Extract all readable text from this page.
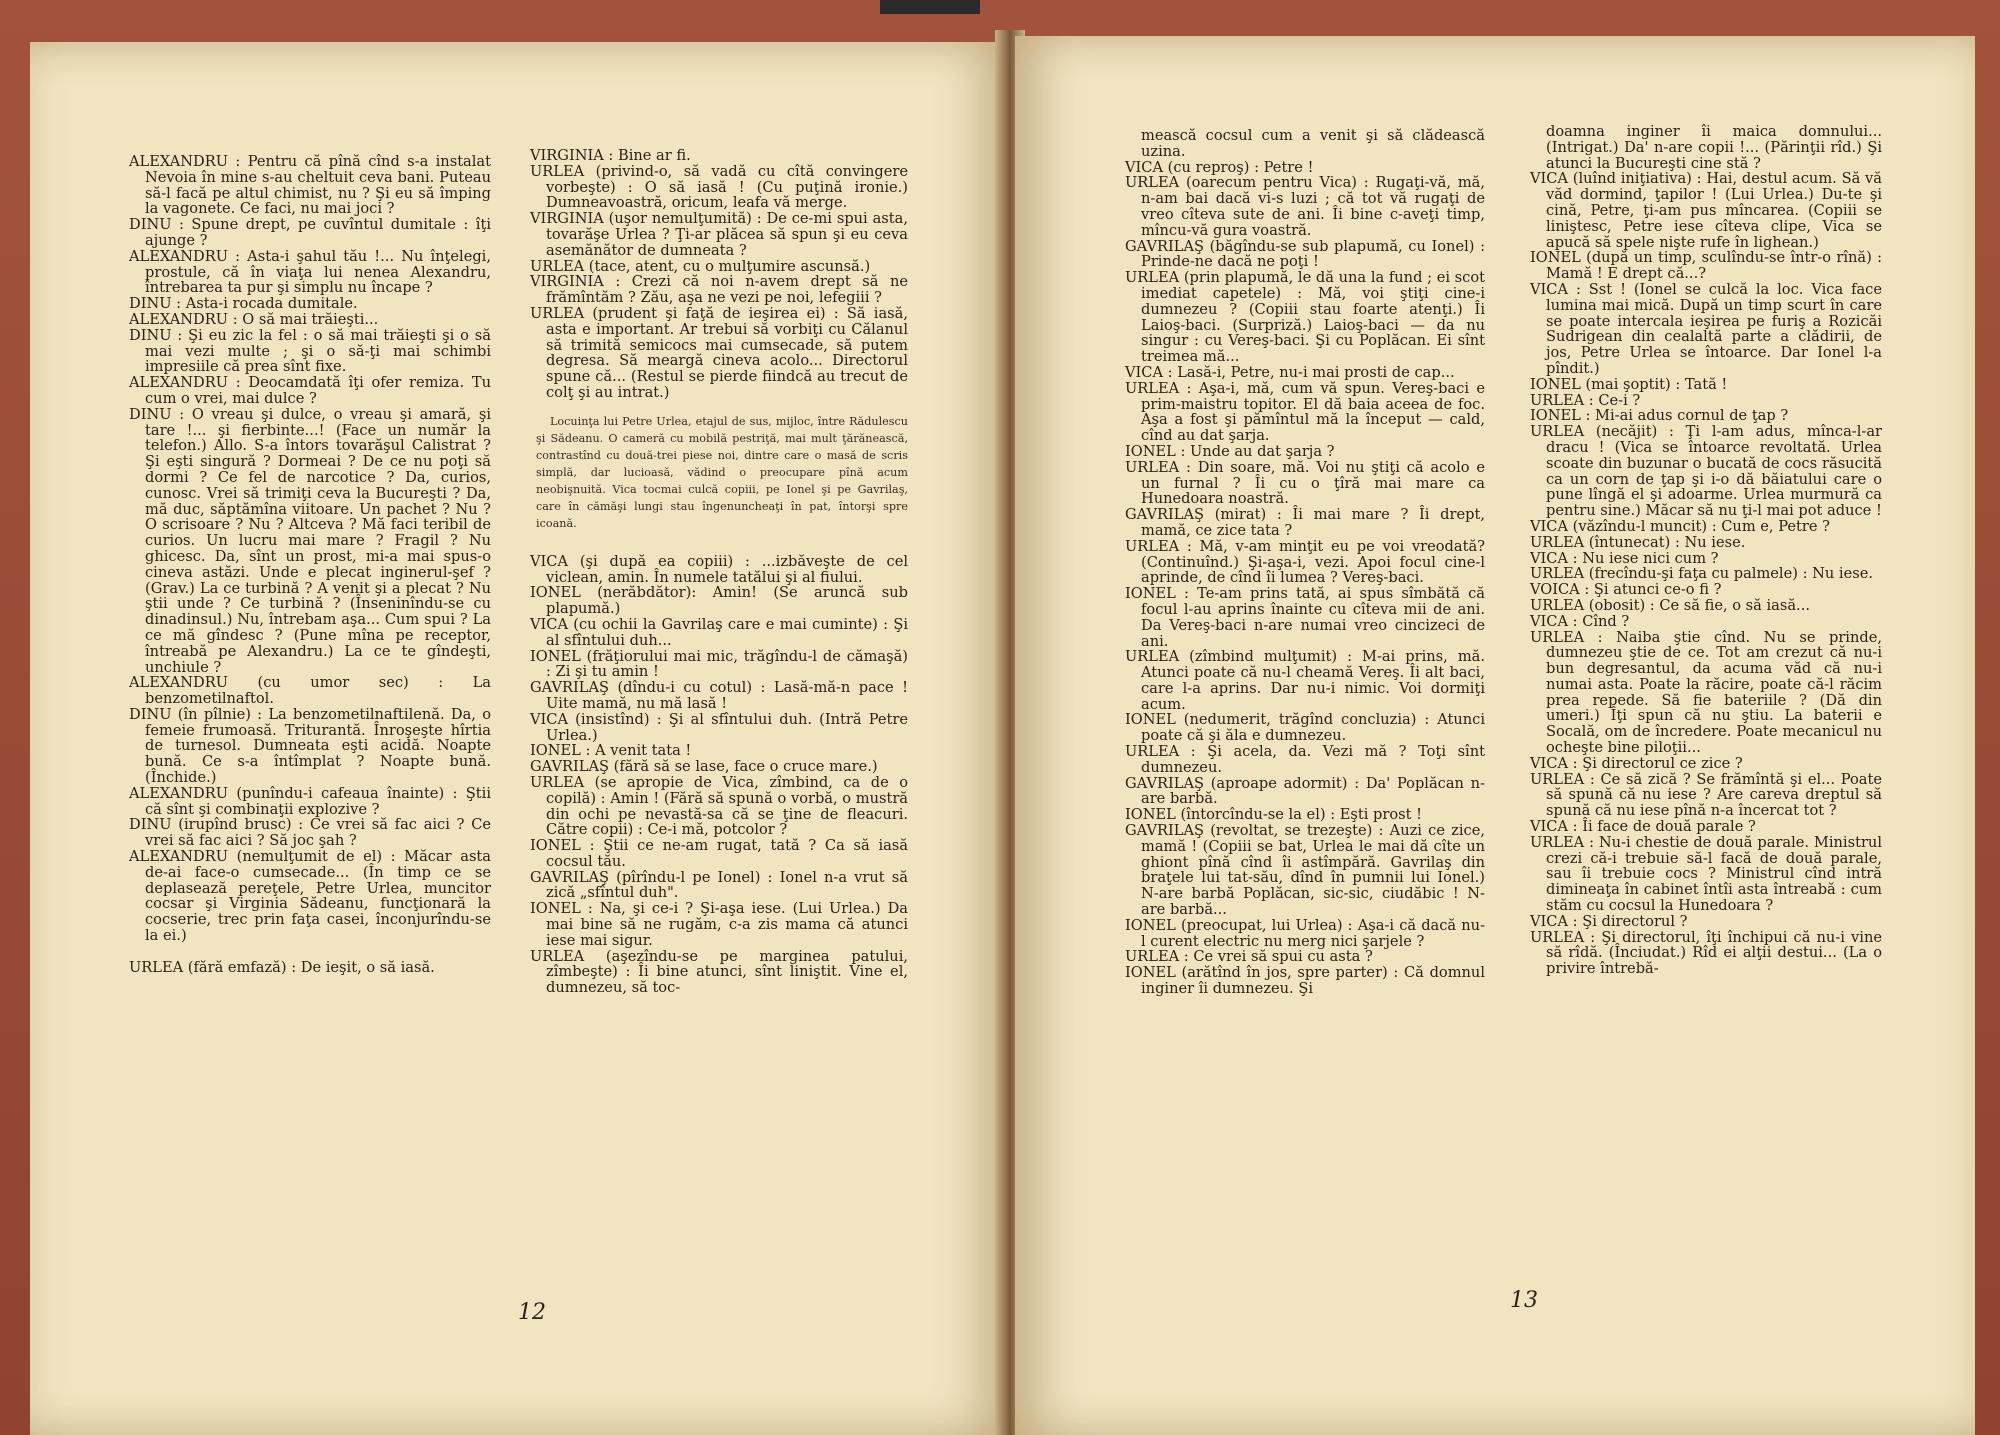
ALEXANDRU : Pentru că pînă cînd s-a instalat Nevoia în mine s-au cheltuit ceva bani. Puteau să-l facă pe altul chimist, nu ? Şi eu să împing la vagonete. Ce faci, nu mai joci ?

DINU : Spune drept, pe cuvîntul dumitale : îţi ajunge ?

ALEXANDRU : Asta-i şahul tău !... Nu înţelegi, prostule, că în viaţa lui nenea Alexandru, întrebarea ta pur şi simplu nu încape ?

DINU : Asta-i rocada dumitale.

ALEXANDRU : O să mai trăieşti...

DINU : Şi eu zic la fel : o să mai trăieşti şi o să mai vezi multe ; şi o să-ţi mai schimbi impresiile că prea sînt fixe.

ALEXANDRU : Deocamdată îţi ofer remiza. Tu cum o vrei, mai dulce ?

DINU : O vreau şi dulce, o vreau şi amară, şi tare !... şi fierbinte...! (Face un număr la telefon.) Allo. S-a întors tovarăşul Calistrat ? Şi eşti singură ? Dormeai ? De ce nu poţi să dormi ? Ce fel de narcotice ? Da, curios, cunosc. Vrei să trimiţi ceva la Bucureşti ? Da, mă duc, săptămîna viitoare. Un pachet ? Nu ? O scrisoare ? Nu ? Altceva ? Mă faci teribil de curios. Un lucru mai mare ? Fragil ? Nu ghicesc. Da, sînt un prost, mi-a mai spus-o cineva astăzi. Unde e plecat inginerul-şef ? (Grav.) La ce turbină ? A venit şi a plecat ? Nu ştii unde ? Ce turbină ? (Înseninîndu-se cu dinadinsul.) Nu, întrebam aşa... Cum spui ? La ce mă gîndesc ? (Pune mîna pe receptor, întreabă pe Alexandru.) La ce te gîndeşti, unchiule ?

ALEXANDRU (cu umor sec) : La benzometilnaftol.

DINU (în pîlnie) : La benzometilnaftilenă. Da, o femeie frumoasă. Triturantă. Înroşeşte hîrtia de turnesol. Dumneata eşti acidă. Noapte bună. Ce s-a întîmplat ? Noapte bună. (Închide.)

ALEXANDRU (punîndu-i cafeaua înainte) : Ştii că sînt şi combinaţii explozive ?

DINU (irupînd brusc) : Ce vrei să fac aici ? Ce vrei să fac aici ? Să joc şah ?

ALEXANDRU (nemulţumit de el) : Măcar asta de-ai face-o cumsecade... (În timp ce se deplasează pereţele, Petre Urlea, muncitor cocsar şi Virginia Sădeanu, funcţionară la cocserie, trec prin faţa casei, înconjurîndu-se la ei.)

URLEA (fără emfază) : De ieşit, o să iasă.

VIRGINIA : Bine ar fi.

URLEA (privind-o, să vadă cu cîtă convingere vorbeşte) : O să iasă ! (Cu puţină ironie.) Dumneavoastră, oricum, leafa vă merge.

VIRGINIA (uşor nemulţumită) : De ce-mi spui asta, tovarăşe Urlea ? Ţi-ar plăcea să spun şi eu ceva asemănător de dumneata ?

URLEA (tace, atent, cu o mulţumire ascunsă.)

VIRGINIA : Crezi că noi n-avem drept să ne frămîntăm ? Zău, aşa ne vezi pe noi, lefegiii ?

URLEA (prudent şi faţă de ieşirea ei) : Să iasă, asta e important. Ar trebui să vorbiţi cu Călanul să trimită semicocs mai cumsecade, să putem degresa. Să meargă cineva acolo... Directorul spune că... (Restul se pierde fiindcă au trecut de colţ şi au intrat.)

Locuinţa lui Petre Urlea, etajul de sus, mijloc, între Rădulescu şi Sădeanu. O cameră cu mobilă pestriţă, mai mult ţărănească, contrastînd cu două-trei piese noi, dintre care o masă de scris simplă, dar lucioasă, vădind o preocupare pînă acum neobişnuită. Vica tocmai culcă copiii, pe Ionel şi pe Gavrilaş, care în cămăşi lungi stau îngenuncheaţi în pat, întorşi spre icoană.

VICA (şi după ea copiii) : ...izbăveşte de cel viclean, amin. În numele tatălui şi al fiului.

IONEL (nerăbdător): Amin! (Se aruncă sub plapumă.)

VICA (cu ochii la Gavrilaş care e mai cuminte) : Şi al sfîntului duh...

IONEL (frăţiorului mai mic, trăgîndu-l de cămaşă) : Zi şi tu amin !

GAVRILAŞ (dîndu-i cu cotul) : Lasă-mă-n pace ! Uite mamă, nu mă lasă !

VICA (insistînd) : Şi al sfîntului duh. (Intră Petre Urlea.)

IONEL : A venit tata !

GAVRILAŞ (fără să se lase, face o cruce mare.)

URLEA (se apropie de Vica, zîmbind, ca de o copilă) : Amin ! (Fără să spună o vorbă, o mustră din ochi pe nevastă-sa că se ţine de fleacuri. Către copii) : Ce-i mă, potcolor ?

IONEL : Ştii ce ne-am rugat, tată ? Ca să iasă cocsul tău.

GAVRILAŞ (pîrîndu-l pe Ionel) : Ionel n-a vrut să zică „sfîntul duh".

IONEL : Na, şi ce-i ? Şi-aşa iese. (Lui Urlea.) Da mai bine să ne rugăm, c-a zis mama că atunci iese mai sigur.

URLEA (aşezîndu-se pe marginea patului, zîmbeşte) : Îi bine atunci, sînt liniştit. Vine el, dumnezeu, să toc-

12

mească cocsul cum a venit şi să clădească uzina.

VICA (cu reproş) : Petre !

URLEA (oarecum pentru Vica) : Rugaţi-vă, mă, n-am bai dacă vi-s luzi ; că tot vă rugaţi de vreo cîteva sute de ani. Îi bine c-aveţi timp, mîncu-vă gura voastră.

GAVRILAŞ (băgîndu-se sub plapumă, cu Ionel) : Prinde-ne dacă ne poţi !

URLEA (prin plapumă, le dă una la fund ; ei scot imediat capetele) : Mă, voi ştiţi cine-i dumnezeu ? (Copiii stau foarte atenţi.) Îi Laioş-baci. (Surpriză.) Laioş-baci — da nu singur : cu Vereş-baci. Şi cu Poplăcan. Ei sînt treimea mă...

VICA : Lasă-i, Petre, nu-i mai prosti de cap...

URLEA : Aşa-i, mă, cum vă spun. Vereş-baci e prim-maistru topitor. El dă baia aceea de foc. Aşa a fost şi pămîntul mă la început — cald, cînd au dat şarja.

IONEL : Unde au dat şarja ?

URLEA : Din soare, mă. Voi nu ştiţi că acolo e un furnal ? Îi cu o ţîră mai mare ca Hunedoara noastră.

GAVRILAŞ (mirat) : Îi mai mare ? Îi drept, mamă, ce zice tata ?

URLEA : Mă, v-am minţit eu pe voi vreodată? (Continuînd.) Şi-aşa-i, vezi. Apoi focul cine-l aprinde, de cînd îi lumea ? Vereş-baci.

IONEL : Te-am prins tată, ai spus sîmbătă că focul l-au aprins înainte cu cîteva mii de ani. Da Vereş-baci n-are numai vreo cincizeci de ani.

URLEA (zîmbind mulţumit) : M-ai prins, mă. Atunci poate că nu-l cheamă Vereş. Îi alt baci, care l-a aprins. Dar nu-i nimic. Voi dormiţi acum.

IONEL (nedumerit, trăgînd concluzia) : Atunci poate că şi ăla e dumnezeu.

URLEA : Şi acela, da. Vezi mă ? Toţi sînt dumnezeu.

GAVRILAŞ (aproape adormit) : Da' Poplăcan n-are barbă.

IONEL (întorcîndu-se la el) : Eşti prost !

GAVRILAŞ (revoltat, se trezeşte) : Auzi ce zice, mamă ! (Copiii se bat, Urlea le mai dă cîte un ghiont pînă cînd îi astîmpără. Gavrilaş din braţele lui tat-său, dînd în pumnii lui Ionel.) N-are barbă Poplăcan, sic-sic, ciudăbic ! N-are barbă...

IONEL (preocupat, lui Urlea) : Aşa-i că dacă nu-l curent electric nu merg nici şarjele ?

URLEA : Ce vrei să spui cu asta ?

IONEL (arătînd în jos, spre parter) : Că domnul inginer îi dumnezeu. Şi

doamna inginer îi maica domnului... (Intrigat.) Da' n-are copii !... (Părinţii rîd.) Şi atunci la Bucureşti cine stă ?

VICA (luînd iniţiativa) : Hai, destul acum. Să vă văd dormind, ţapilor ! (Lui Urlea.) Du-te şi cină, Petre, ţi-am pus mîncarea. (Copiii se liniştesc, Petre iese cîteva clipe, Vica se apucă să spele nişte rufe în lighean.)

IONEL (după un timp, sculîndu-se într-o rînă) : Mamă ! E drept că...?

VICA : Sst ! (Ionel se culcă la loc. Vica face lumina mai mică. După un timp scurt în care se poate intercala ieşirea pe furiş a Rozicăi Sudrigean din cealaltă parte a clădirii, de jos, Petre Urlea se întoarce. Dar Ionel l-a pîndit.)

IONEL (mai şoptit) : Tată !

URLEA : Ce-i ?

IONEL : Mi-ai adus cornul de ţap ?

URLEA (necăjit) : Ţi l-am adus, mînca-l-ar dracu ! (Vica se întoarce revoltată. Urlea scoate din buzunar o bucată de cocs răsucită ca un corn de ţap şi i-o dă băiatului care o pune lîngă el şi adoarme. Urlea murmură ca pentru sine.) Măcar să nu ţi-l mai pot aduce !

VICA (văzîndu-l muncit) : Cum e, Petre ?

URLEA (întunecat) : Nu iese.

VICA : Nu iese nici cum ?

URLEA (frecîndu-şi faţa cu palmele) : Nu iese.

VOICA : Şi atunci ce-o fi ?

URLEA (obosit) : Ce să fie, o să iasă...

VICA : Cînd ?

URLEA : Naiba ştie cînd. Nu se prinde, dumnezeu ştie de ce. Tot am crezut că nu-i bun degresantul, da acuma văd că nu-i numai asta. Poate la răcire, poate că-l răcim prea repede. Să fie bateriile ? (Dă din umeri.) Îţi spun că nu ştiu. La baterii e Socală, om de încredere. Poate mecanicul nu ocheşte bine piloţii...

VICA : Şi directorul ce zice ?

URLEA : Ce să zică ? Se frămîntă şi el... Poate să spună că nu iese ? Are careva dreptul să spună că nu iese pînă n-a încercat tot ?

VICA : Îi face de două parale ?

URLEA : Nu-i chestie de două parale. Ministrul crezi că-i trebuie să-l facă de două parale, sau îi trebuie cocs ? Ministrul cînd intră dimineaţa în cabinet întîi asta întreabă : cum stăm cu cocsul la Hunedoara ?

VICA : Şi directorul ?

URLEA : Şi directorul, îţi închipui că nu-i vine să rîdă. (Înciudat.) Rîd ei alţii destui... (La o privire întrebă-

13
